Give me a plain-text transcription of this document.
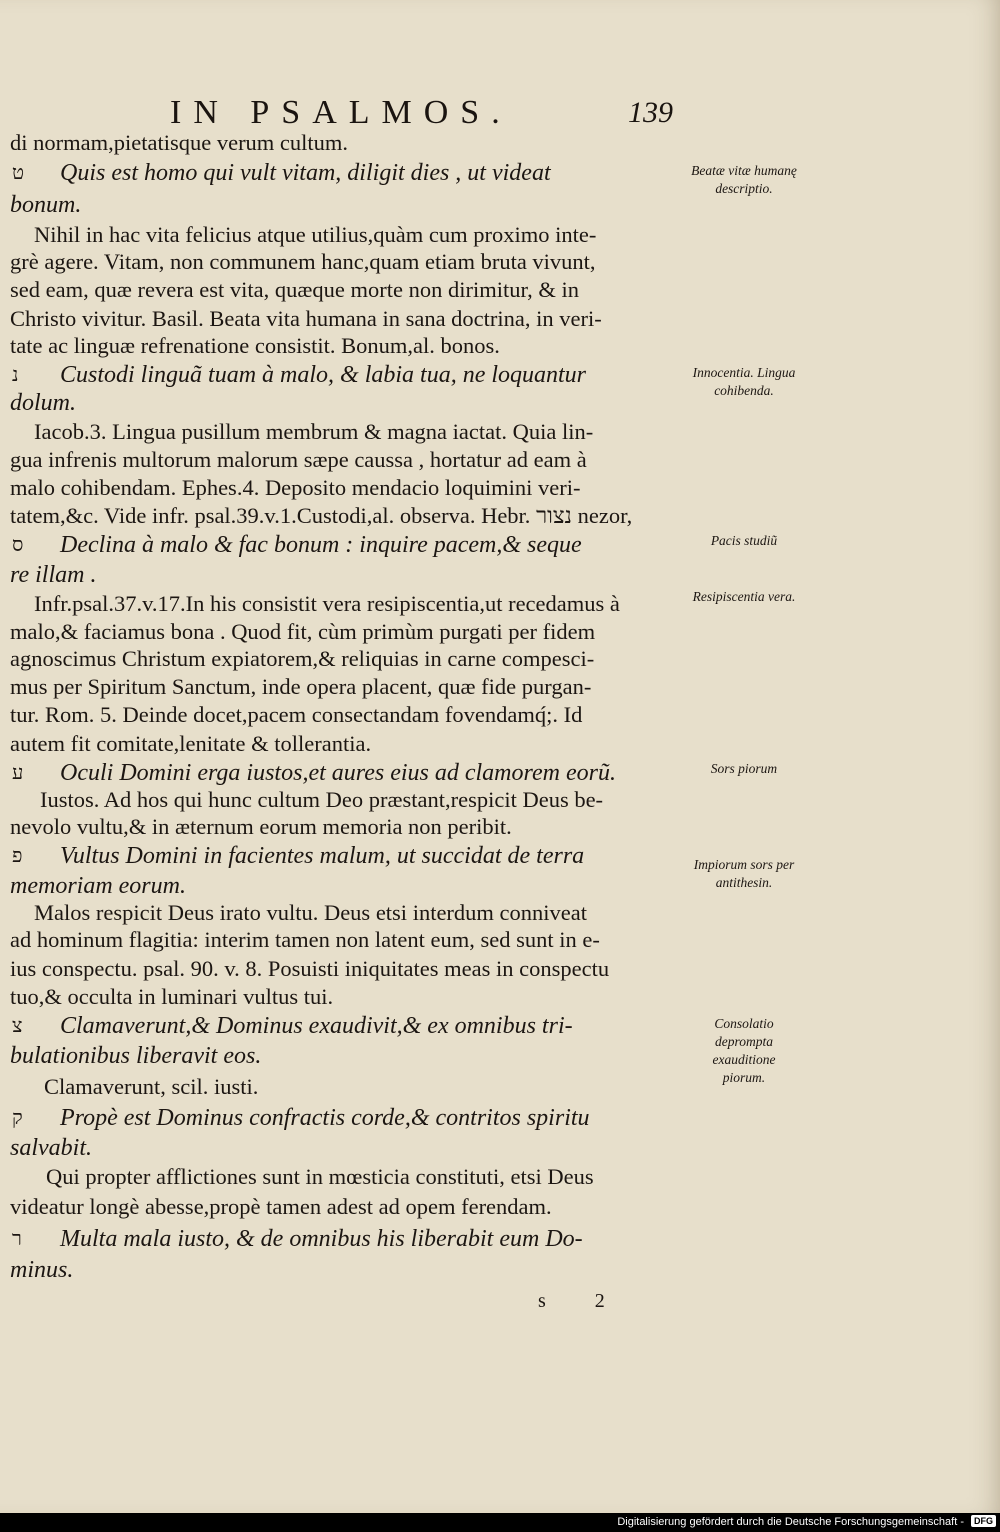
IN PSALMOS.	139
di normam,pietatisque verum cultum.
Quis est homo qui vult vitam, diligit dies , ut videat
bonum.
Nihil in hac vita felicius atque utilius,quàm cum proximo inte-
grè agere. Vitam, non communem hanc,quam etiam bruta vivunt,
sed eam, quæ revera est vita, quæque morte non dirimitur, & in
Christo vivitur. Basil. Beata vita humana in sana doctrina, in veri-
tate ac linguæ refrenatione consistit. Bonum,al. bonos.
Custodi linguã tuam à malo, & labia tua, ne loquantur
dolum.
Iacob.3. Lingua pusillum membrum & magna iactat. Quia lin-
gua infrenis multorum malorum sæpe caussa , hortatur ad eam à
malo cohibendam. Ephes.4. Deposito mendacio loquimini veri-
tatem,&c. Vide infr. psal.39.v.1.Custodi,al. observa. Hebr. נצור nezor,
Declina à malo & fac bonum : inquire pacem,& seque
re illam .
Infr.psal.37.v.17.In his consistit vera resipiscentia,ut recedamus à
malo,& faciamus bona . Quod fit, cùm primùm purgati per fidem
agnoscimus Christum expiatorem,& reliquias in carne compesci-
mus per Spiritum Sanctum, inde opera placent, quæ fide purgan-
tur. Rom. 5. Deinde docet,pacem consectandam fovendamq́;. Id
autem fit comitate,lenitate & tollerantia.
Oculi Domini erga iustos,et aures eius ad clamorem eorũ.
Iustos. Ad hos qui hunc cultum Deo præstant,respicit Deus be-
nevolo vultu,& in æternum eorum memoria non peribit.
Vultus Domini in facientes malum, ut succidat de terra
memoriam eorum.
Malos respicit Deus irato vultu. Deus etsi interdum conniveat
ad hominum flagitia: interim tamen non latent eum, sed sunt in e-
ius conspectu. psal. 90. v. 8. Posuisti iniquitates meas in conspectu
tuo,& occulta in luminari vultus tui.
Clamaverunt,& Dominus exaudivit,& ex omnibus tri-
bulationibus liberavit eos.
Clamaverunt, scil. iusti.
Propè est Dominus confractis corde,& contritos spiritu
salvabit.
Qui propter afflictiones sunt in mœsticia constituti, etsi Deus
videatur longè abesse,propè tamen adest ad opem ferendam.
Multa mala iusto, & de omnibus his liberabit eum Do-
minus.
ט
נ
ס
ע
פ
צ
ק
ר
Beatæ vitæ humanę descriptio.
Innocentia. Lingua cohibenda.
Pacis studiũ
Resipiscentia vera.
Sors piorum
Impiorum sors per antithesin.
Consolatio deprompta exauditione piorum.
s 2
Digitalisierung gefördert durch die Deutsche Forschungsgemeinschaft -	DFG
